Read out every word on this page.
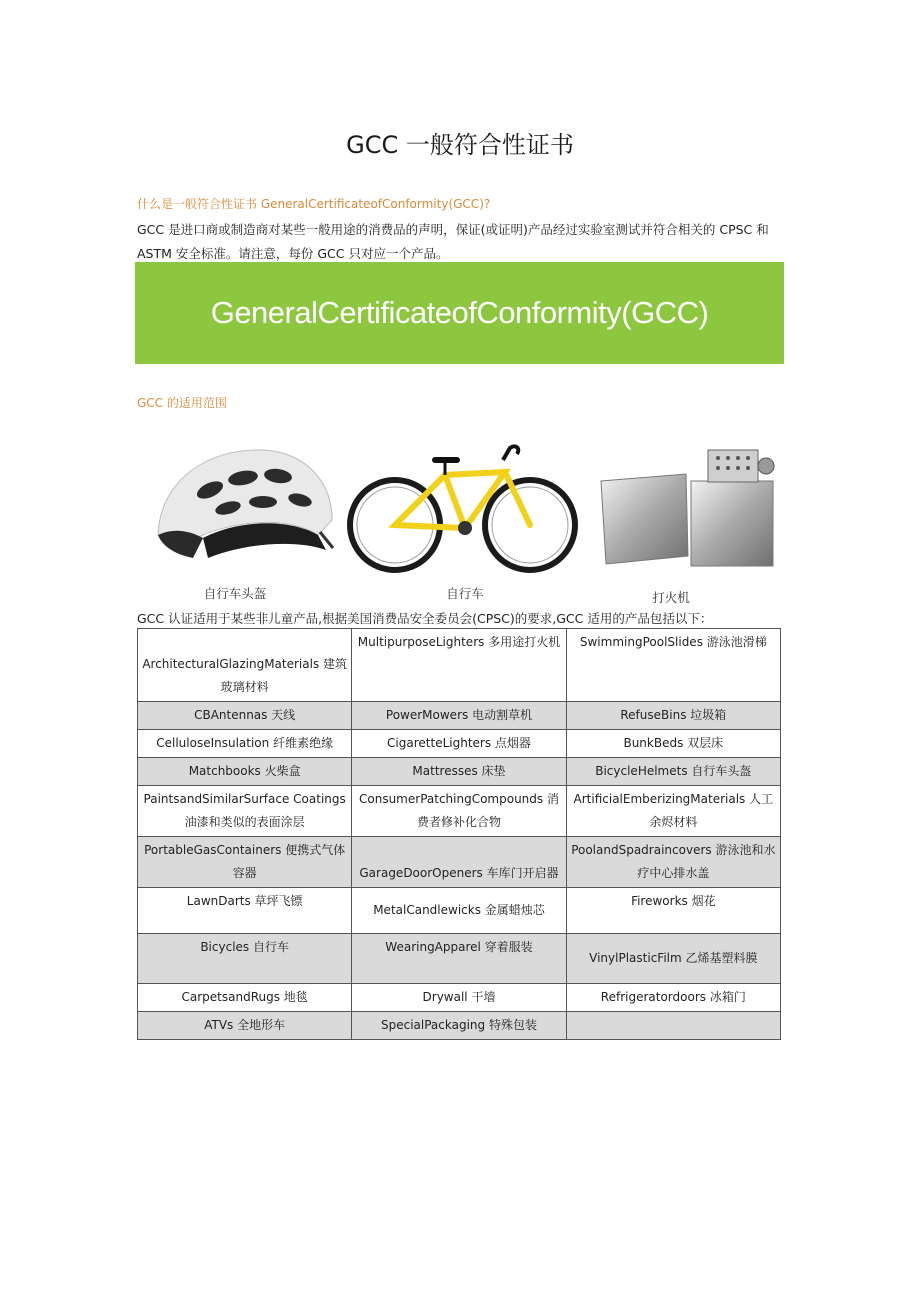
GCC 一般符合性证书
什么是一般符合性证书 GeneralCertificateofConformity(GCC)?
GCC 是进口商或制造商对某些一般用途的消费品的声明，保证(或证明)产品经过实验室测试并符合相关的 CPSC 和 ASTM 安全标准。请注意，每份 GCC 只对应一个产品。
GeneralCertificateofConformity(GCC)
GCC 的适用范围
自行车头盔	自行车	打火机
GCC 认证适用于某些非儿童产品,根据美国消费品安全委员会(CPSC)的要求,GCC 适用的产品包括以下：
ArchitecturalGlazingMaterials 建筑玻璃材料	MultipurposeLighters 多用途打火机	SwimmingPoolSlides 游泳池滑梯
CBAntennas 天线	PowerMowers 电动割草机	RefuseBins 垃圾箱
CelluloseInsulation 纤维素绝缘	CigaretteLighters 点烟器	BunkBeds 双层床
Matchbooks 火柴盒	Mattresses 床垫	BicycleHelmets 自行车头盔
PaintsandSimilarSurface Coatings 油漆和类似的表面涂层	ConsumerPatchingCompounds 消费者修补化合物	ArtificialEmberizingMaterials 人工余烬材料
PortableGasContainers 便携式气体容器	GarageDoorOpeners 车库门开启器	PoolandSpadraincovers 游泳池和水疗中心排水盖
LawnDarts 草坪飞镖	MetalCandlewicks 金属蜡烛芯	Fireworks 烟花
Bicycles 自行车	WearingApparel 穿着服装	VinylPlasticFilm 乙烯基塑料膜
CarpetsandRugs 地毯	Drywall 干墙	Refrigeratordoors 冰箱门
ATVs 全地形车	SpecialPackaging 特殊包装	
